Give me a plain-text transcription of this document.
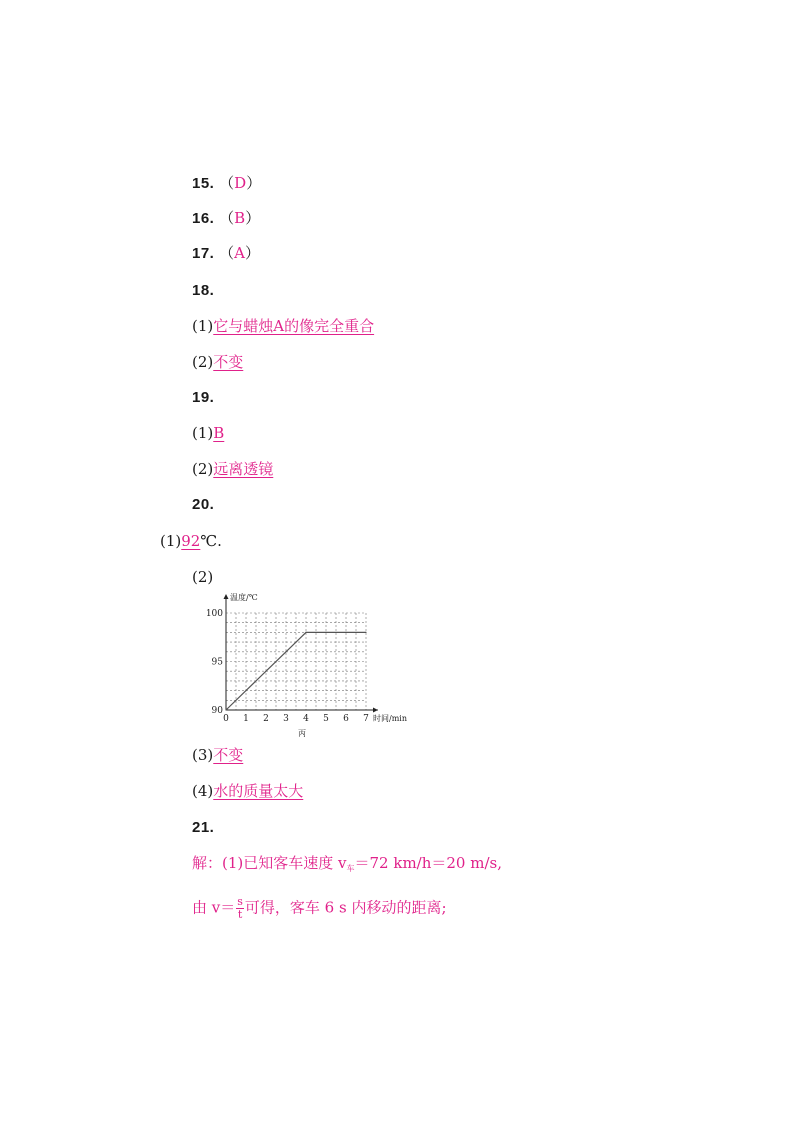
15. （D）
16. （B）
17. （A）
18.
(1)它与蜡烛A的像完全重合
(2)不变
19.
(1)B
(2)远离透镜
20.
(1)92℃.
(2)
0 1 2 3 4 5 6 7
90
95
100
温度/℃
时间/min
丙
(3)不变
(4)水的质量太大
21.
解：(1)已知客车速度 $v_车=72$ km/h＝20 m/s,
由 $v= \frac{s}{t}$ 可得，客车 6 s 内移动的距离;
